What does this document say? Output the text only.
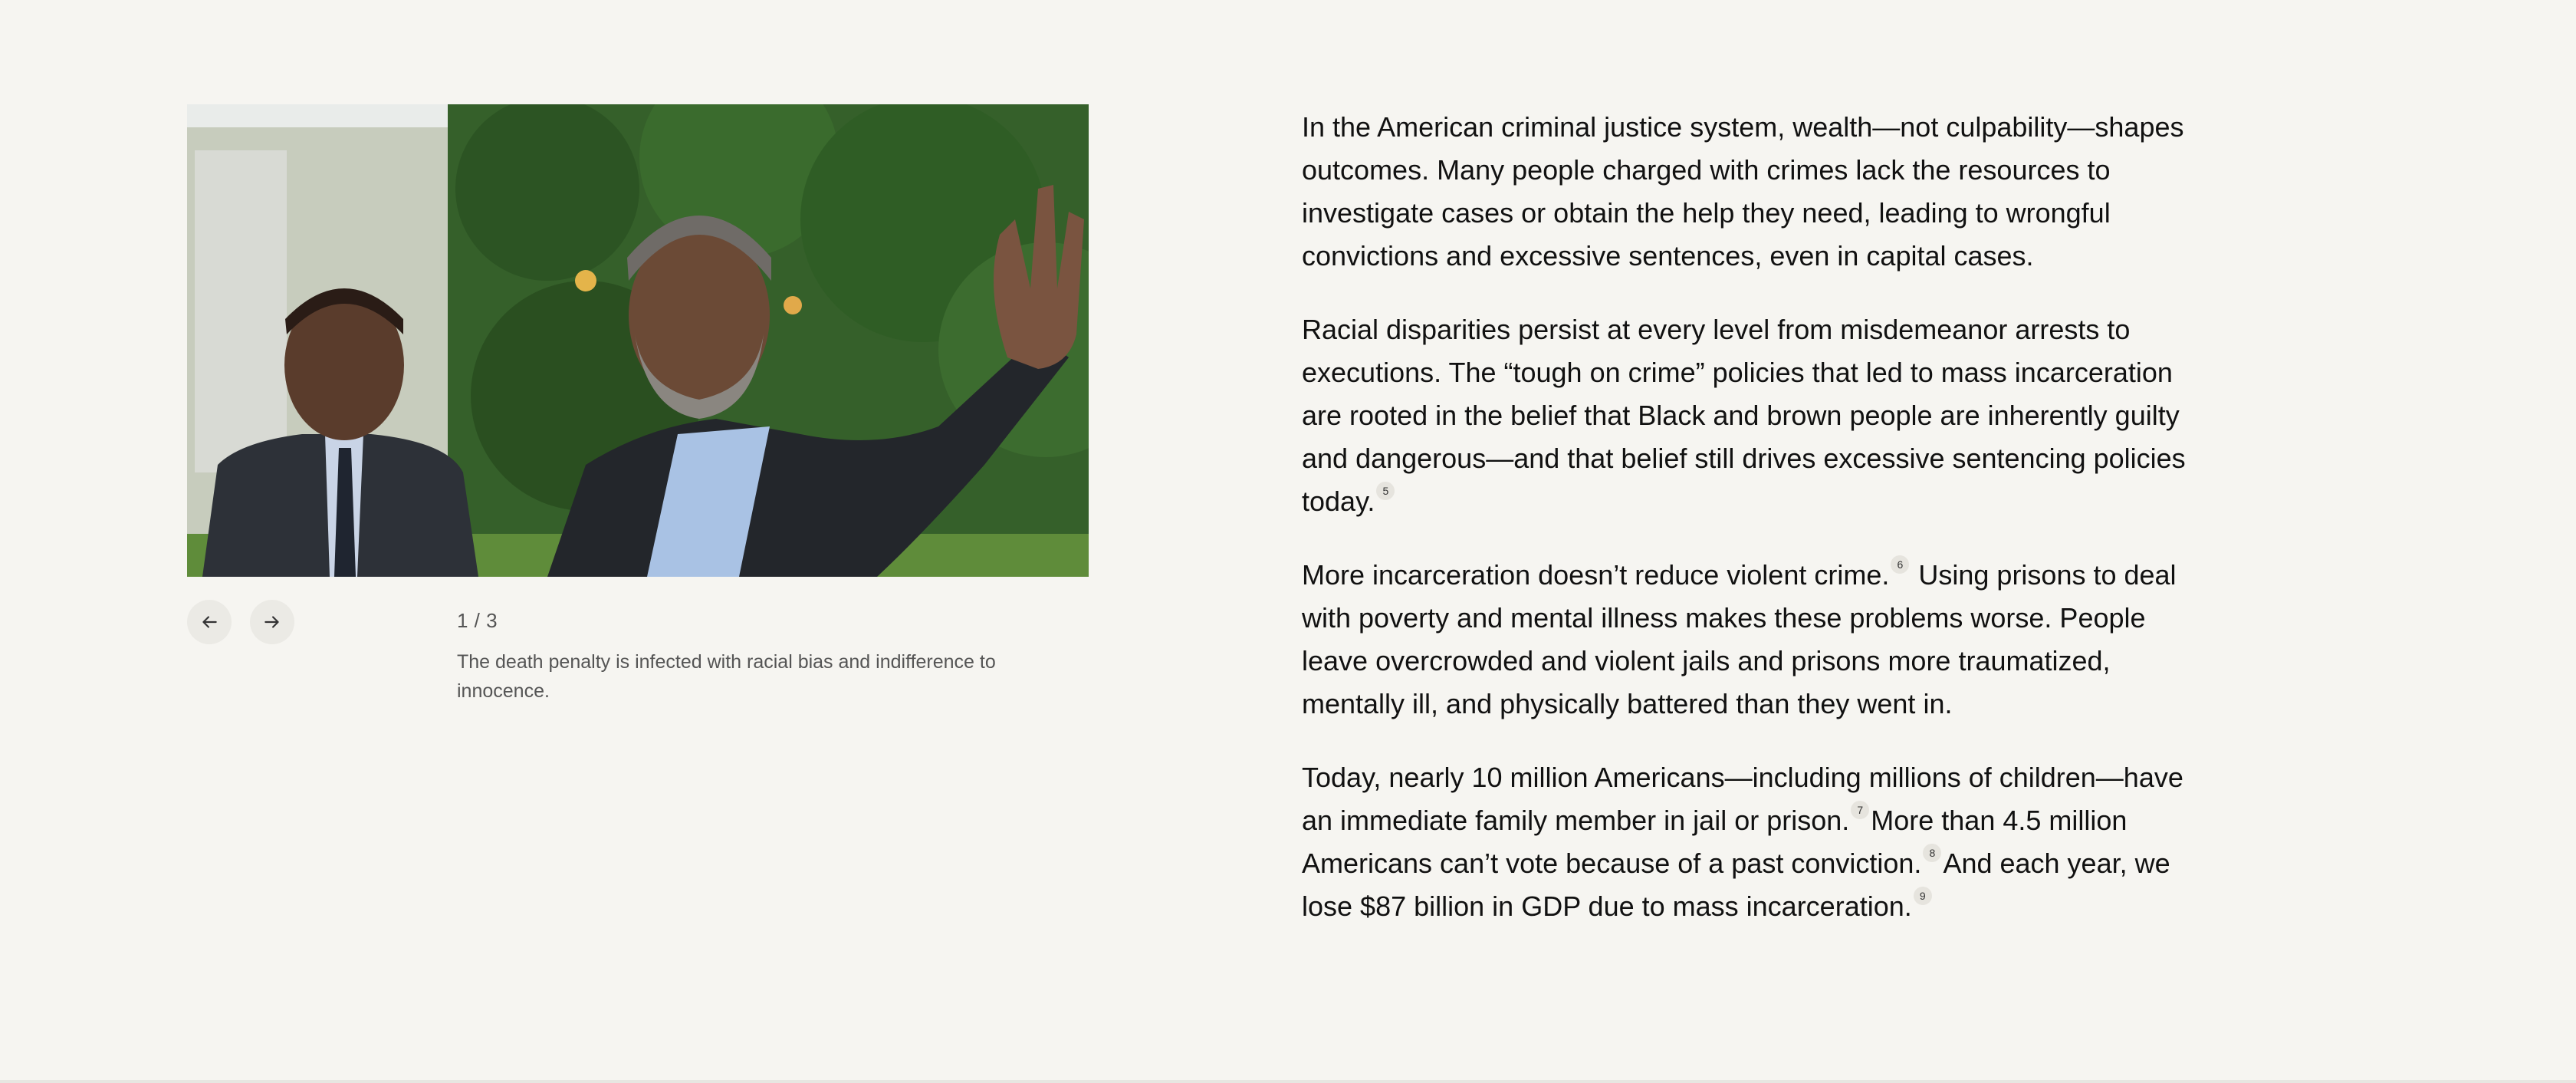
1 / 3
The death penalty is infected with racial bias and indifference to innocence.

In the American criminal justice system, wealth—not culpability—shapes outcomes. Many people charged with crimes lack the resources to investigate cases or obtain the help they need, leading to wrongful convictions and excessive sentences, even in capital cases.

Racial disparities persist at every level from misdemeanor arrests to executions. The “tough on crime” policies that led to mass incarceration are rooted in the belief that Black and brown people are inherently guilty and dangerous—and that belief still drives excessive sentencing policies today. 5

More incarceration doesn’t reduce violent crime. 6 Using prisons to deal with poverty and mental illness makes these problems worse. People leave overcrowded and violent jails and prisons more traumatized, mentally ill, and physically battered than they went in.

Today, nearly 10 million Americans—including millions of children—have an immediate family member in jail or prison. 7 More than 4.5 million Americans can’t vote because of a past conviction. 8 And each year, we lose $87 billion in GDP due to mass incarceration. 9
